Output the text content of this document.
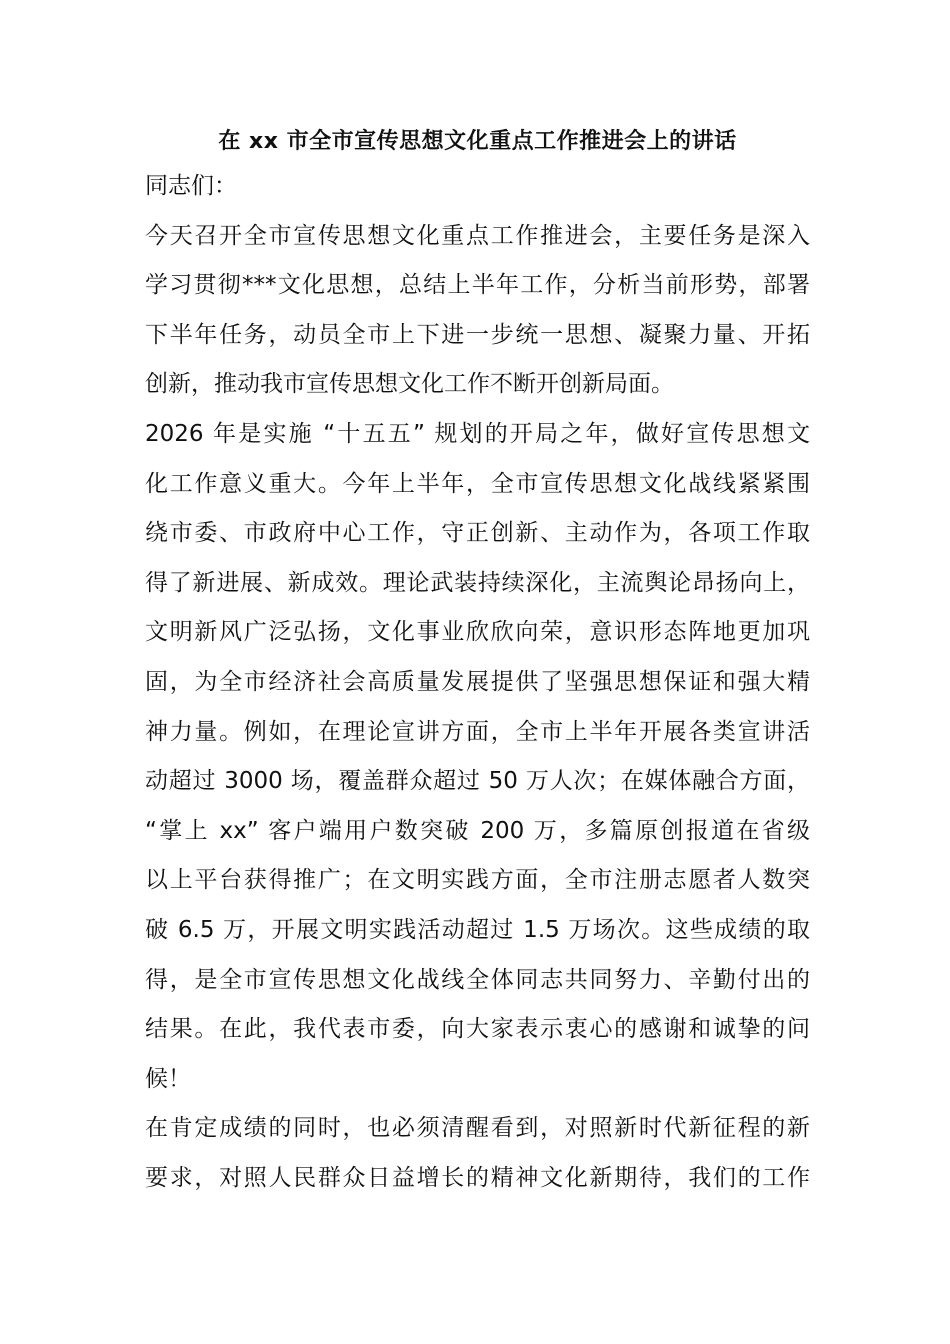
在 xx 市全市宣传思想文化重点工作推进会上的讲话
同志们：
今天召开全市宣传思想文化重点工作推进会，主要任务是深入
学习贯彻***文化思想，总结上半年工作，分析当前形势，部署
下半年任务，动员全市上下进一步统一思想、凝聚力量、开拓
创新，推动我市宣传思想文化工作不断开创新局面。
2026 年是实施 “十五五” 规划的开局之年，做好宣传思想文
化工作意义重大。今年上半年，全市宣传思想文化战线紧紧围
绕市委、市政府中心工作，守正创新、主动作为，各项工作取
得了新进展、新成效。理论武装持续深化，主流舆论昂扬向上，
文明新风广泛弘扬，文化事业欣欣向荣，意识形态阵地更加巩
固，为全市经济社会高质量发展提供了坚强思想保证和强大精
神力量。例如，在理论宣讲方面，全市上半年开展各类宣讲活
动超过 3000 场，覆盖群众超过 50 万人次；在媒体融合方面，
“掌上 xx” 客户端用户数突破 200 万，多篇原创报道在省级
以上平台获得推广；在文明实践方面，全市注册志愿者人数突
破 6.5 万，开展文明实践活动超过 1.5 万场次。这些成绩的取
得，是全市宣传思想文化战线全体同志共同努力、辛勤付出的
结果。在此，我代表市委，向大家表示衷心的感谢和诚挚的问
候！
在肯定成绩的同时，也必须清醒看到，对照新时代新征程的新
要求，对照人民群众日益增长的精神文化新期待，我们的工作
